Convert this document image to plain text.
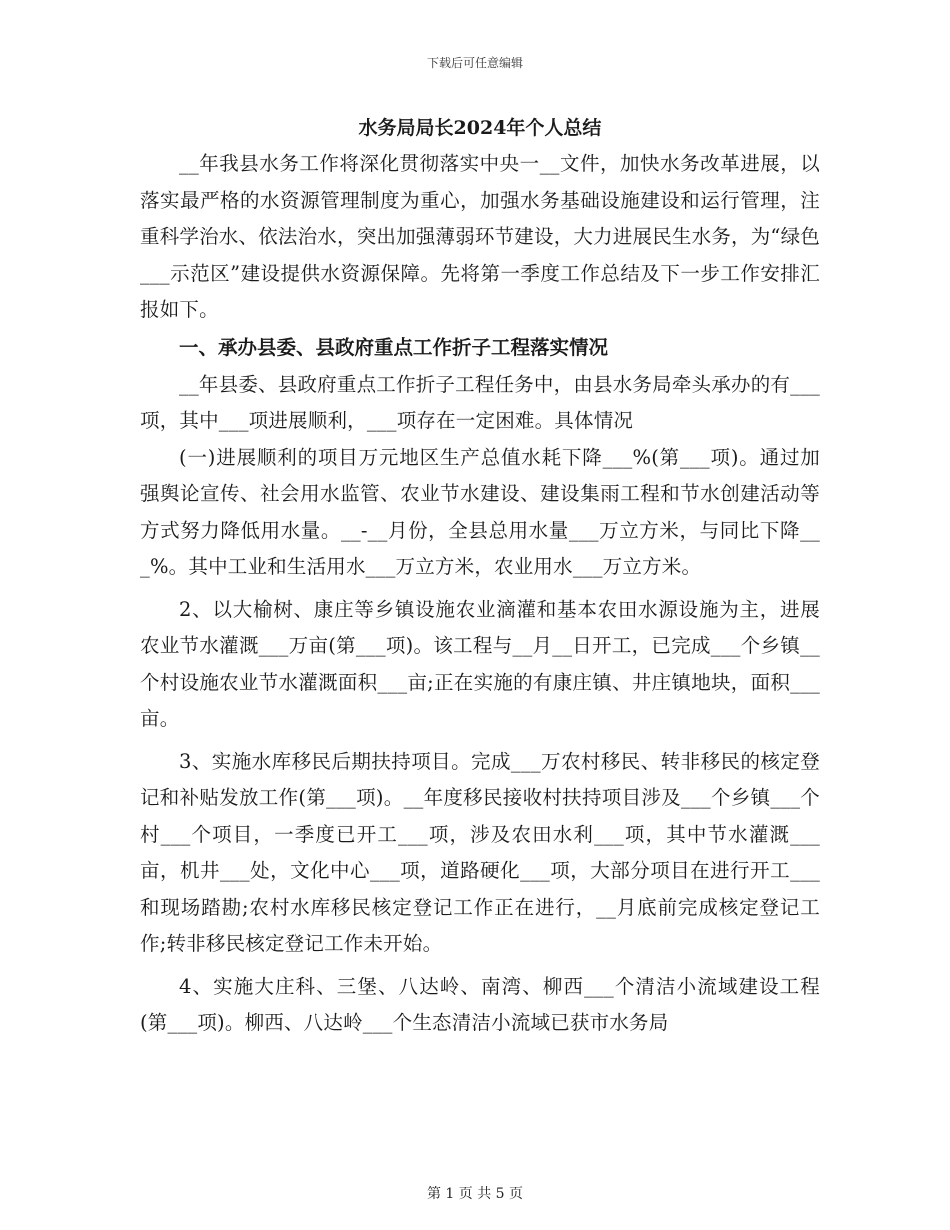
下载后可任意编辑
水务局局长2024年个人总结

__年我县水务工作将深化贯彻落实中央一__文件，加快水务改革进展，以落实最严格的水资源管理制度为重心，加强水务基础设施建设和运行管理，注重科学治水、依法治水，突出加强薄弱环节建设，大力进展民生水务，为“绿色___示范区”建设提供水资源保障。先将第一季度工作总结及下一步工作安排汇报如下。

一、承办县委、县政府重点工作折子工程落实情况

__年县委、县政府重点工作折子工程任务中，由县水务局牵头承办的有___项，其中___项进展顺利，___项存在一定困难。具体情况

(一)进展顺利的项目万元地区生产总值水耗下降___%(第___项)。通过加强舆论宣传、社会用水监管、农业节水建设、建设集雨工程和节水创建活动等方式努力降低用水量。__-__月份，全县总用水量___万立方米，与同比下降___%。其中工业和生活用水___万立方米，农业用水___万立方米。

2、以大榆树、康庄等乡镇设施农业滴灌和基本农田水源设施为主，进展农业节水灌溉___万亩(第___项)。该工程与__月__日开工，已完成___个乡镇__个村设施农业节水灌溉面积___亩;正在实施的有康庄镇、井庄镇地块，面积___亩。

3、实施水库移民后期扶持项目。完成___万农村移民、转非移民的核定登记和补贴发放工作(第___项)。__年度移民接收村扶持项目涉及___个乡镇___个村___个项目，一季度已开工___项，涉及农田水利___项，其中节水灌溉___亩，机井___处，文化中心___项，道路硬化___项，大部分项目在进行开工___和现场踏勘;农村水库移民核定登记工作正在进行，__月底前完成核定登记工作;转非移民核定登记工作未开始。

4、实施大庄科、三堡、八达岭、南湾、柳西___个清洁小流域建设工程(第___项)。柳西、八达岭___个生态清洁小流域已获市水务局

第 1 页 共 5 页
